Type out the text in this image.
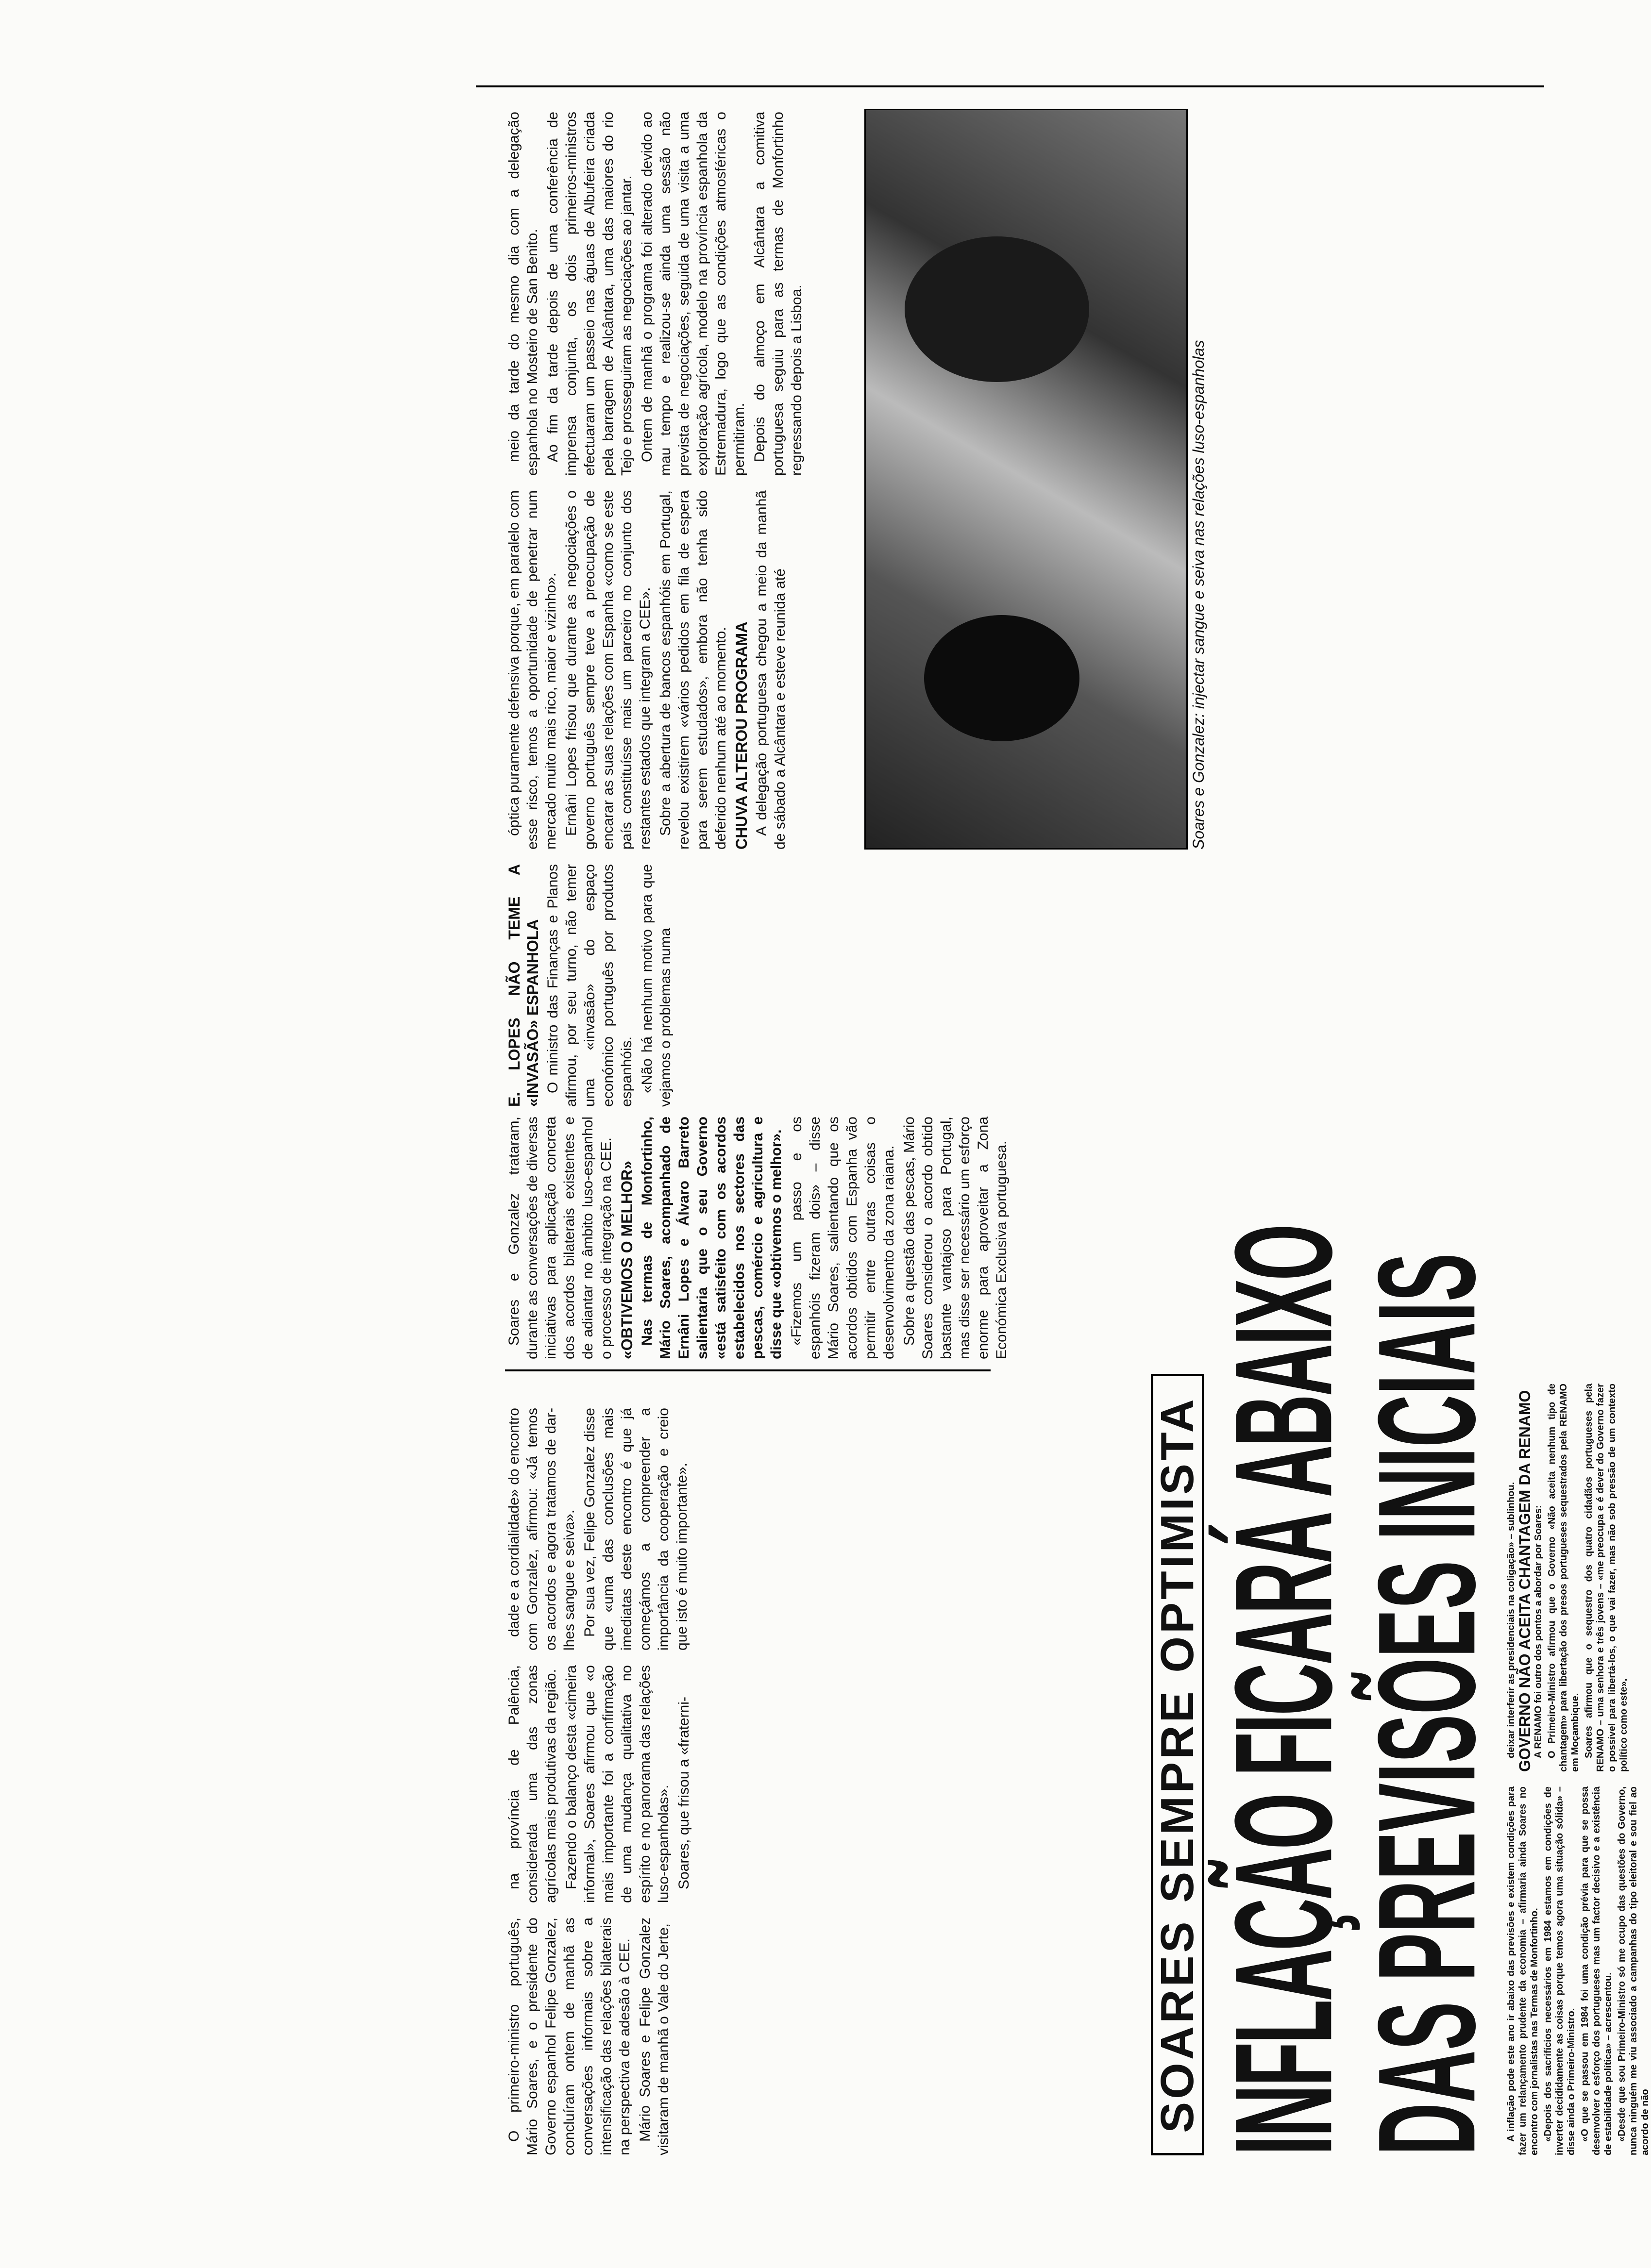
O primeiro-ministro português, Mário Soares, e o presidente do Governo espanhol Felipe Gonzalez, concluíram ontem de manhã as conversações informais sobre a intensificação das relações bilaterais na perspectiva de adesão à CEE. Mário Soares e Felipe Gonzalez visitaram de manhã o Vale do Jerte,

na província de Palência, considerada uma das zonas agrícolas mais produtivas da região. Fazendo o balanço desta «cimeira informal», Soares afirmou que «o mais importante foi a confirmação de uma mudança qualitativa no espírito e no panorama das relações luso-espanholas». Soares, que frisou a «fraterni-

dade e a cordialidade» do encontro com Gonzalez, afirmou: «Já temos os acordos e agora tratamos de dar-lhes sangue e seiva». Por sua vez, Felipe Gonzalez disse que «uma das conclusões mais imediatas deste encontro é que já começámos a compreender a importância da cooperação e creio que isto é muito importante».	SOARES SEMPRE OPTIMISTA INFLAÇÃO FICARÁ ABAIXO
DAS PREVISÕES INICIAIS A inflação pode este ano ir abaixo das previsões e existem condições para fazer um relançamento prudente da economia – afirmaria ainda Soares no encontro com jornalistas nas Termas de Monfortinho. «Depois dos sacrifícios necessários em 1984 estamos em condições de inverter decididamente as coisas porque temos agora uma situação sólida» – disse ainda o Primeiro-Ministro. «O que se passou em 1984 foi uma condição prévia para que se possa desenvolver o esforço dos portugueses mas um factor decisivo e a existência de estabilidade política» – acrescentou. «Desde que sou Primeiro-Ministro só me ocupo das questões do Governo, nunca ninguém me viu associado a campanhas do tipo eleitoral e sou fiel ao acordo de não

deixar interferir as presidenciais na coligação» – sublinhou. GOVERNO NÃO ACEITA CHANTAGEM DA RENAMO A RENAMO foi outro dos pontos a abordar por Soares: O Primeiro-Ministro afirmou que o Governo «Não aceita nenhum tipo de chantagem» para libertação dos presos portugueses sequestrados pela RENAMO em Moçambique. Soares afirmou que o sequestro dos quatro cidadãos portugueses pela RENAMO – uma senhora e três jovens – «me preocupa e é dever do Governo fazer o possível para libertá-los, o que vai fazer, mas não sob pressão de um contexto político como este».

Soares e Gonzalez trataram, durante as conversações de diversas iniciativas para aplicação concreta dos acordos bilaterais existentes e de adiantar no âmbito luso-espanhol o processo de integração na CEE. «OBTIVEMOS O MELHOR» Nas termas de Monfortinho, Mário Soares, acompanhado de Ernâni Lopes e Álvaro Barreto salientaria que o seu Governo «está satisfeito com os acordos estabelecidos nos sectores das pescas, comércio e agricultura e disse que «obtivemos o melhor». «Fizemos um passo e os espanhóis fizeram dois» – disse Mário Soares, salientando que os acordos obtidos com Espanha vão permitir entre outras coisas o desenvolvimento da zona raiana. Sobre a questão das pescas, Mário Soares considerou o acordo obtido bastante vantajoso para Portugal, mas disse ser necessário um esforço enorme para aproveitar a Zona Económica Exclusiva portuguesa.

E. LOPES NÃO TEME A «INVASÃO» ESPANHOLA O ministro das Finanças e Planos afirmou, por seu turno, não temer uma «invasão» do espaço económico português por produtos espanhóis. «Não há nenhum motivo para que vejamos o problemas numa

óptica puramente defensiva porque, em paralelo com esse risco, temos a oportunidade de penetrar num mercado muito mais rico, maior e vizinho». Ernâni Lopes frisou que durante as negociações o governo português sempre teve a preocupação de encarar as suas relações com Espanha «como se este país constituísse mais um parceiro no conjunto dos restantes estados que integram a CEE». Sobre a abertura de bancos espanhóis em Portugal, revelou existirem «vários pedidos em fila de espera para serem estudados», embora não tenha sido deferido nenhum até ao momento. CHUVA ALTEROU PROGRAMA A delegação portuguesa chegou a meio da manhã de sábado a Alcântara e esteve reunida até

meio da tarde do mesmo dia com a delegação espanhola no Mosteiro de San Benito. Ao fim da tarde depois de uma conferência de imprensa conjunta, os dois primeiros-ministros efectuaram um passeio nas águas de Albufeira criada pela barragem de Alcântara, uma das maiores do rio Tejo e prosseguiram as negociações ao jantar. Ontem de manhã o programa foi alterado devido ao mau tempo e realizou-se ainda uma sessão não prevista de negociações, seguida de uma visita a uma exploração agrícola, modelo na província espanhola da Estremadura, logo que as condições atmosféricas o permitiram. Depois do almoço em Alcântara a comitiva portuguesa seguiu para as termas de Monfortinho regressando depois a Lisboa.	Soares e Gonzalez: injectar sangue e seiva nas relações luso-espanholas
